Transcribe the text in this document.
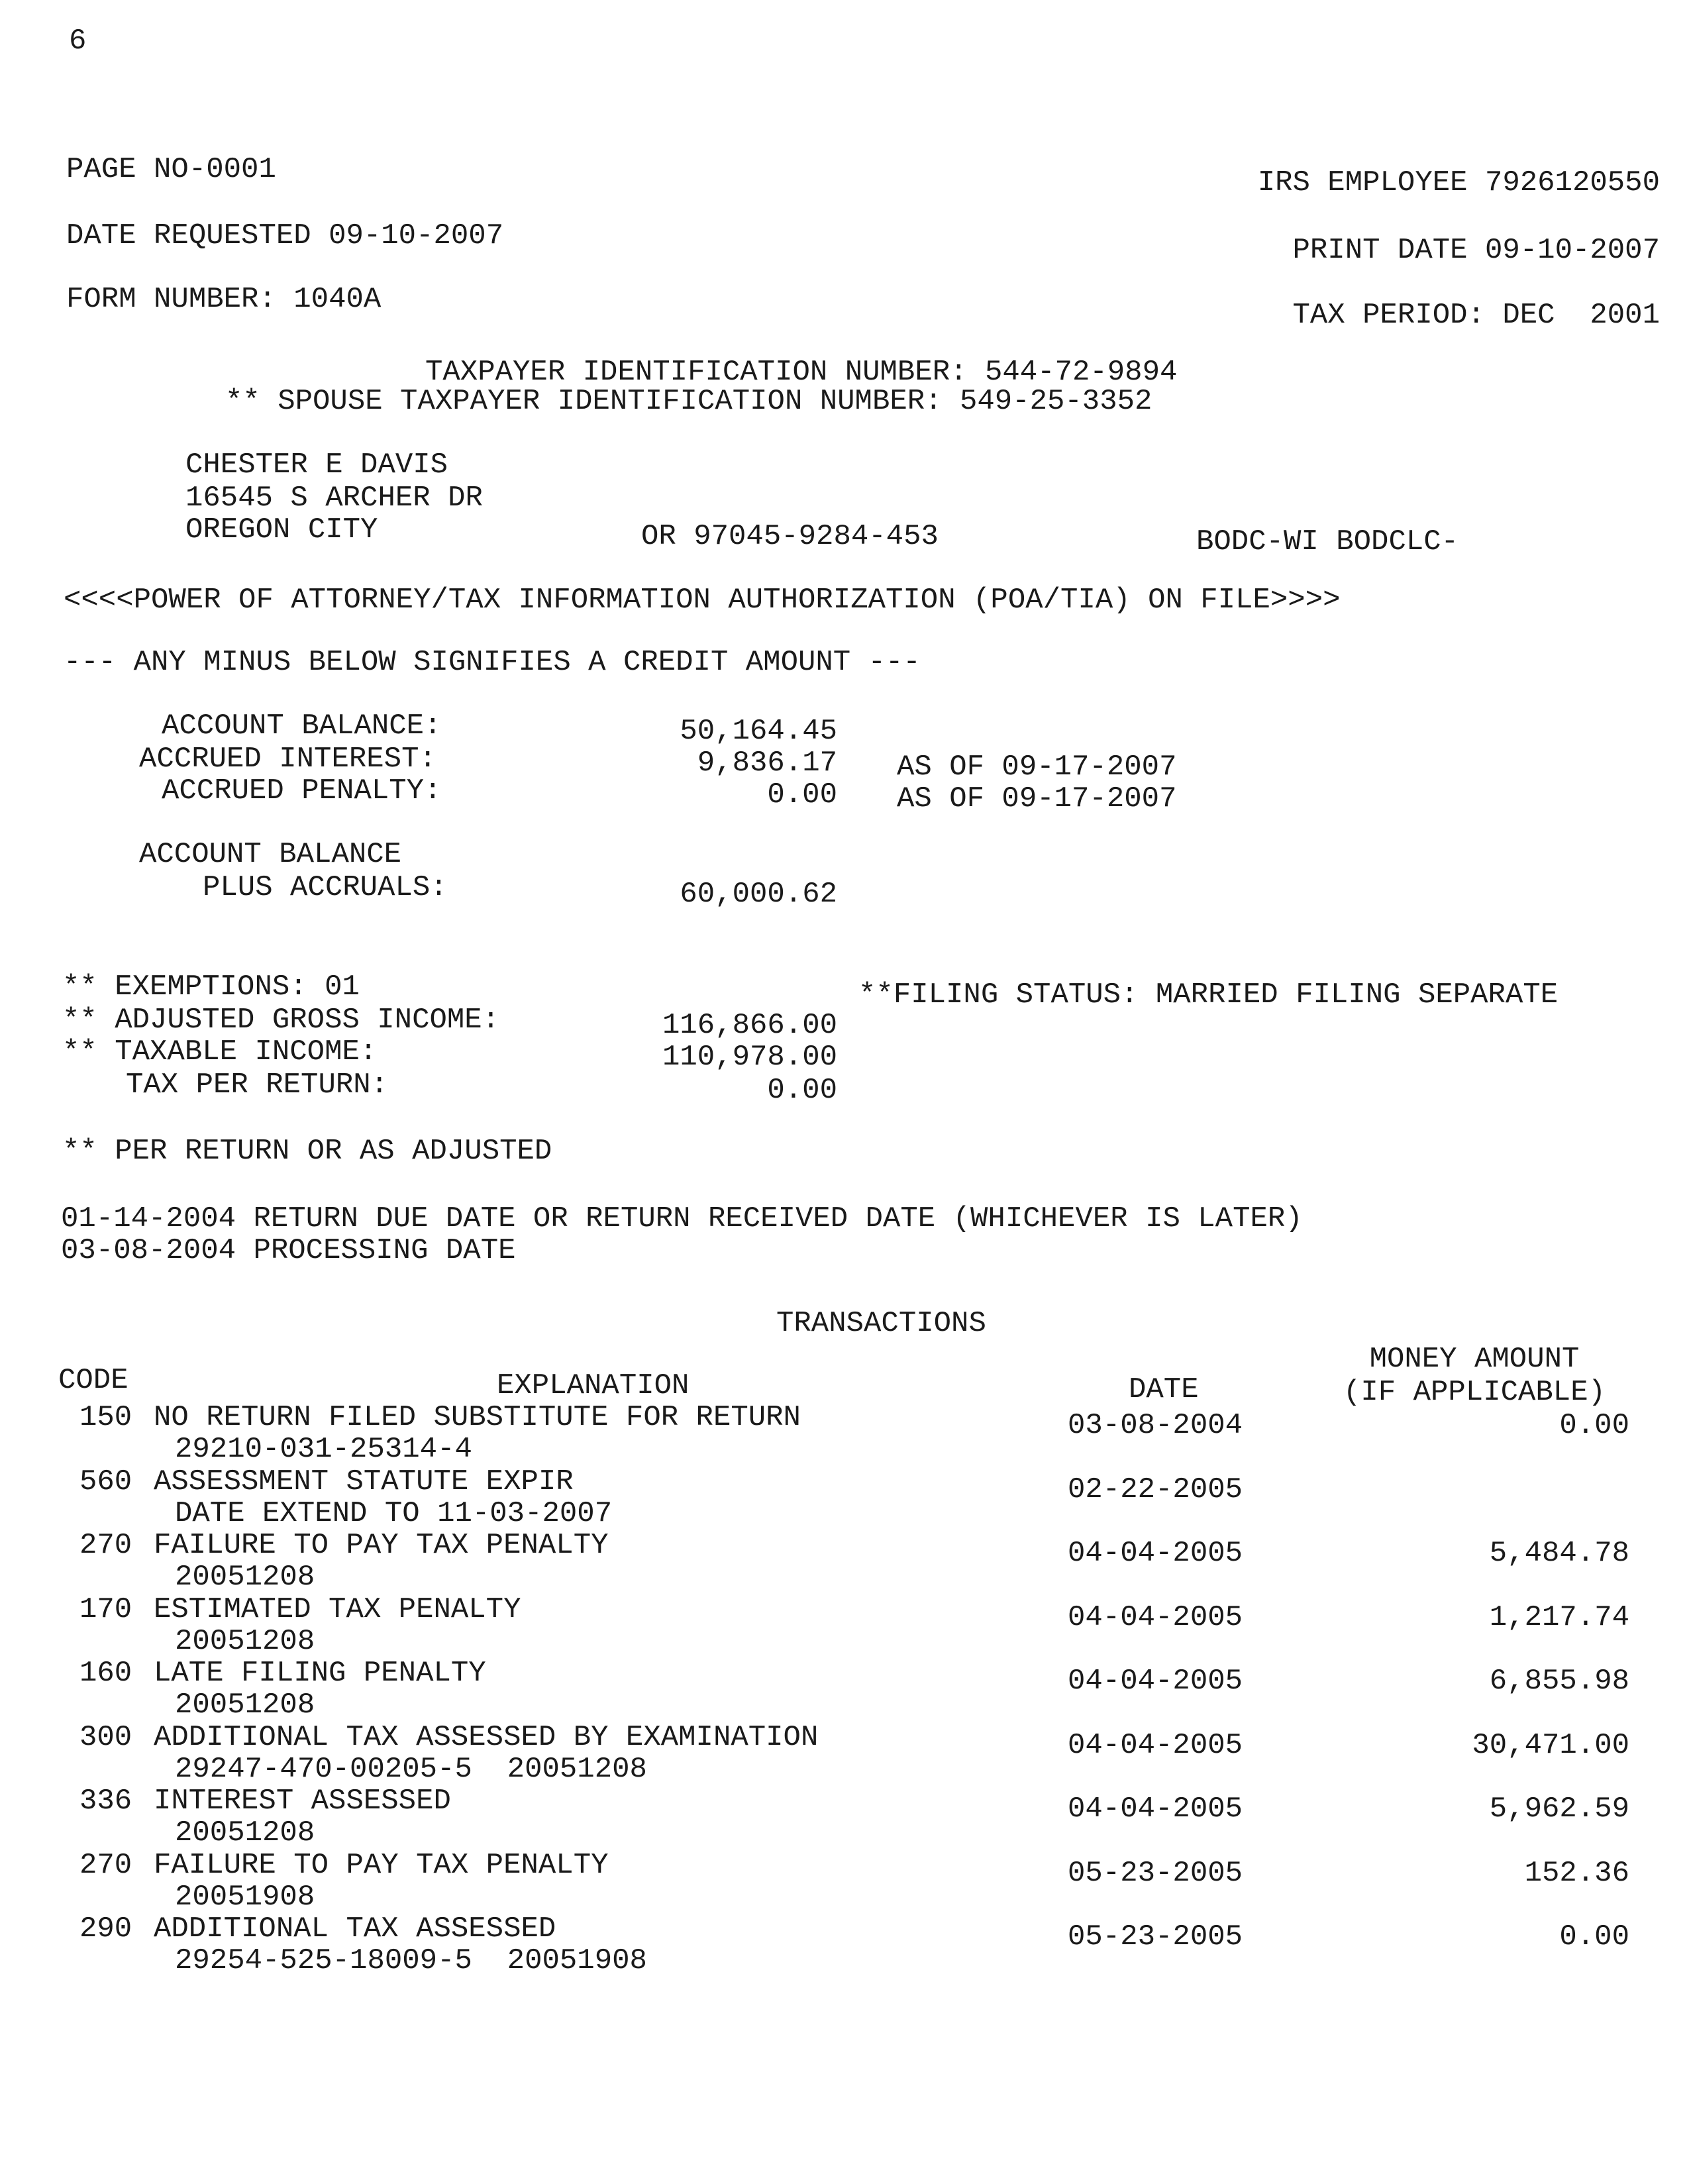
6
PAGE NO-0001	IRS EMPLOYEE 7926120550
DATE REQUESTED 09-10-2007	PRINT DATE 09-10-2007
FORM NUMBER: 1040A	TAX PERIOD: DEC  2001
TAXPAYER IDENTIFICATION NUMBER: 544-72-9894
** SPOUSE TAXPAYER IDENTIFICATION NUMBER: 549-25-3352
CHESTER E DAVIS
16545 S ARCHER DR
OREGON CITY	OR 97045-9284-453	BODC-WI BODCLC-
<<<<POWER OF ATTORNEY/TAX INFORMATION AUTHORIZATION (POA/TIA) ON FILE>>>>
--- ANY MINUS BELOW SIGNIFIES A CREDIT AMOUNT ---
ACCOUNT BALANCE:	50,164.45
ACCRUED INTEREST:	9,836.17 AS OF 09-17-2007
ACCRUED PENALTY:	0.00 AS OF 09-17-2007
ACCOUNT BALANCE
PLUS ACCRUALS:	60,000.62
** EXEMPTIONS: 01	**FILING STATUS: MARRIED FILING SEPARATE
** ADJUSTED GROSS INCOME:	116,866.00
** TAXABLE INCOME:	110,978.00
TAX PER RETURN:	0.00
** PER RETURN OR AS ADJUSTED
01-14-2004 RETURN DUE DATE OR RETURN RECEIVED DATE (WHICHEVER IS LATER)
03-08-2004 PROCESSING DATE
TRANSACTIONS
CODE	EXPLANATION	DATE
MONEY AMOUNT
(IF APPLICABLE)
150 NO RETURN FILED SUBSTITUTE FOR RETURN
29210-031-25314-4
03-08-2004	0.00
560 ASSESSMENT STATUTE EXPIR
DATE EXTEND TO 11-03-2007
02-22-2005
270 FAILURE TO PAY TAX PENALTY
20051208
04-04-2005	5,484.78
170 ESTIMATED TAX PENALTY
20051208
04-04-2005	1,217.74
160 LATE FILING PENALTY
20051208
04-04-2005	6,855.98
300 ADDITIONAL TAX ASSESSED BY EXAMINATION
29247-470-00205-5  20051208
04-04-2005	30,471.00
336 INTEREST ASSESSED
20051208
04-04-2005	5,962.59
270 FAILURE TO PAY TAX PENALTY
20051908
05-23-2005	152.36
290 ADDITIONAL TAX ASSESSED
29254-525-18009-5  20051908
05-23-2005	0.00
